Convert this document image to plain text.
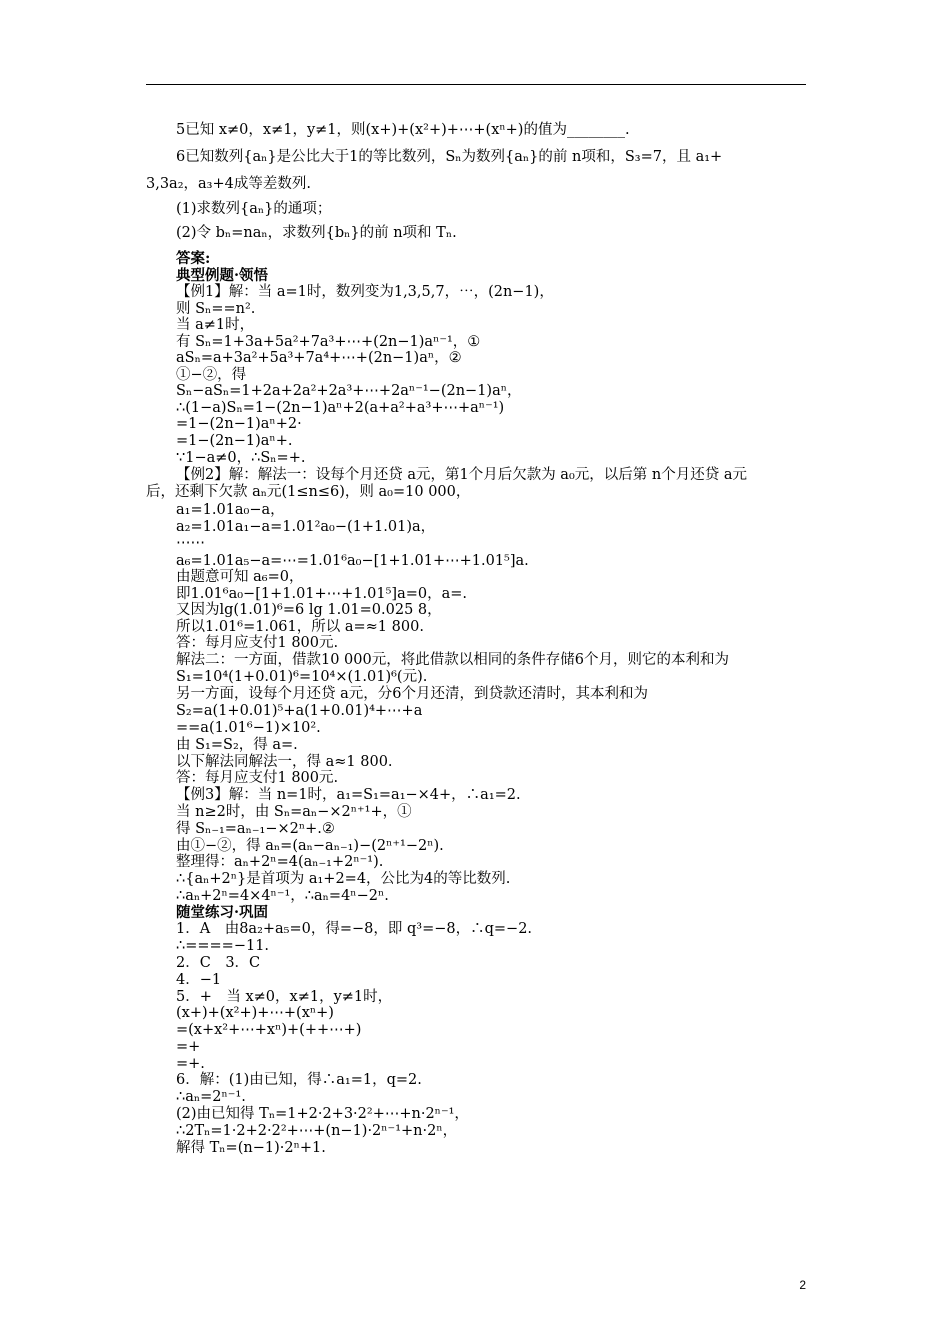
5已知 x≠0，x≠1，y≠1，则(x+)+(x²+)+⋯+(xⁿ+)的值为________.
6已知数列{aₙ}是公比大于1的等比数列，Sₙ为数列{aₙ}的前 n项和，S₃=7，且 a₁+
3,3a₂，a₃+4成等差数列.
(1)求数列{aₙ}的通项；
(2)令 bₙ=naₙ，求数列{bₙ}的前 n项和 Tₙ.
答案:
典型例题·领悟
【例1】解：当 a=1时，数列变为1,3,5,7，⋯，(2n−1)，
则 Sₙ==n².
当 a≠1时，
有 Sₙ=1+3a+5a²+7a³+⋯+(2n−1)aⁿ⁻¹，①
aSₙ=a+3a²+5a³+7a⁴+⋯+(2n−1)aⁿ，②
①−②，得
Sₙ−aSₙ=1+2a+2a²+2a³+⋯+2aⁿ⁻¹−(2n−1)aⁿ，
∴(1−a)Sₙ=1−(2n−1)aⁿ+2(a+a²+a³+⋯+aⁿ⁻¹)
=1−(2n−1)aⁿ+2·
=1−(2n−1)aⁿ+.
∵1−a≠0，∴Sₙ=+.
【例2】解：解法一：设每个月还贷 a元，第1个月后欠款为 a₀元，以后第 n个月还贷 a元
后，还剩下欠款 aₙ元(1≤n≤6)，则 a₀=10 000，
a₁=1.01a₀−a，
a₂=1.01a₁−a=1.01²a₀−(1+1.01)a，
⋯⋯
a₆=1.01a₅−a=⋯=1.01⁶a₀−[1+1.01+⋯+1.01⁵]a.
由题意可知 a₆=0，
即1.01⁶a₀−[1+1.01+⋯+1.01⁵]a=0，a=.
又因为lg(1.01)⁶=6 lg 1.01=0.025 8，
所以1.01⁶=1.061，所以 a=≈1 800.
答：每月应支付1 800元.
解法二：一方面，借款10 000元，将此借款以相同的条件存储6个月，则它的本利和为
S₁=10⁴(1+0.01)⁶=10⁴×(1.01)⁶(元).
另一方面，设每个月还贷 a元，分6个月还清，到贷款还清时，其本利和为
S₂=a(1+0.01)⁵+a(1+0.01)⁴+⋯+a
==a(1.01⁶−1)×10².
由 S₁=S₂，得 a=.
以下解法同解法一，得 a≈1 800.
答：每月应支付1 800元.
【例3】解：当 n=1时，a₁=S₁=a₁−×4+，∴a₁=2.
当 n≥2时，由 Sₙ=aₙ−×2ⁿ⁺¹+，①
得 Sₙ₋₁=aₙ₋₁−×2ⁿ+.②
由①−②，得 aₙ=(aₙ−aₙ₋₁)−(2ⁿ⁺¹−2ⁿ).
整理得：aₙ+2ⁿ=4(aₙ₋₁+2ⁿ⁻¹).
∴{aₙ+2ⁿ}是首项为 a₁+2=4，公比为4的等比数列.
∴aₙ+2ⁿ=4×4ⁿ⁻¹，∴aₙ=4ⁿ−2ⁿ.
随堂练习·巩固
1．A　由8a₂+a₅=0，得=−8，即 q³=−8，∴q=−2.
∴====−11.
2．C　3．C
4．−1
5．+　当 x≠0，x≠1，y≠1时，
(x+)+(x²+)+⋯+(xⁿ+)
=(x+x²+⋯+xⁿ)+(++⋯+)
=+
=+.
6．解：(1)由已知，得∴a₁=1，q=2.
∴aₙ=2ⁿ⁻¹.
(2)由已知得 Tₙ=1+2·2+3·2²+⋯+n·2ⁿ⁻¹，
∴2Tₙ=1·2+2·2²+⋯+(n−1)·2ⁿ⁻¹+n·2ⁿ，
解得 Tₙ=(n−1)·2ⁿ+1.
2
